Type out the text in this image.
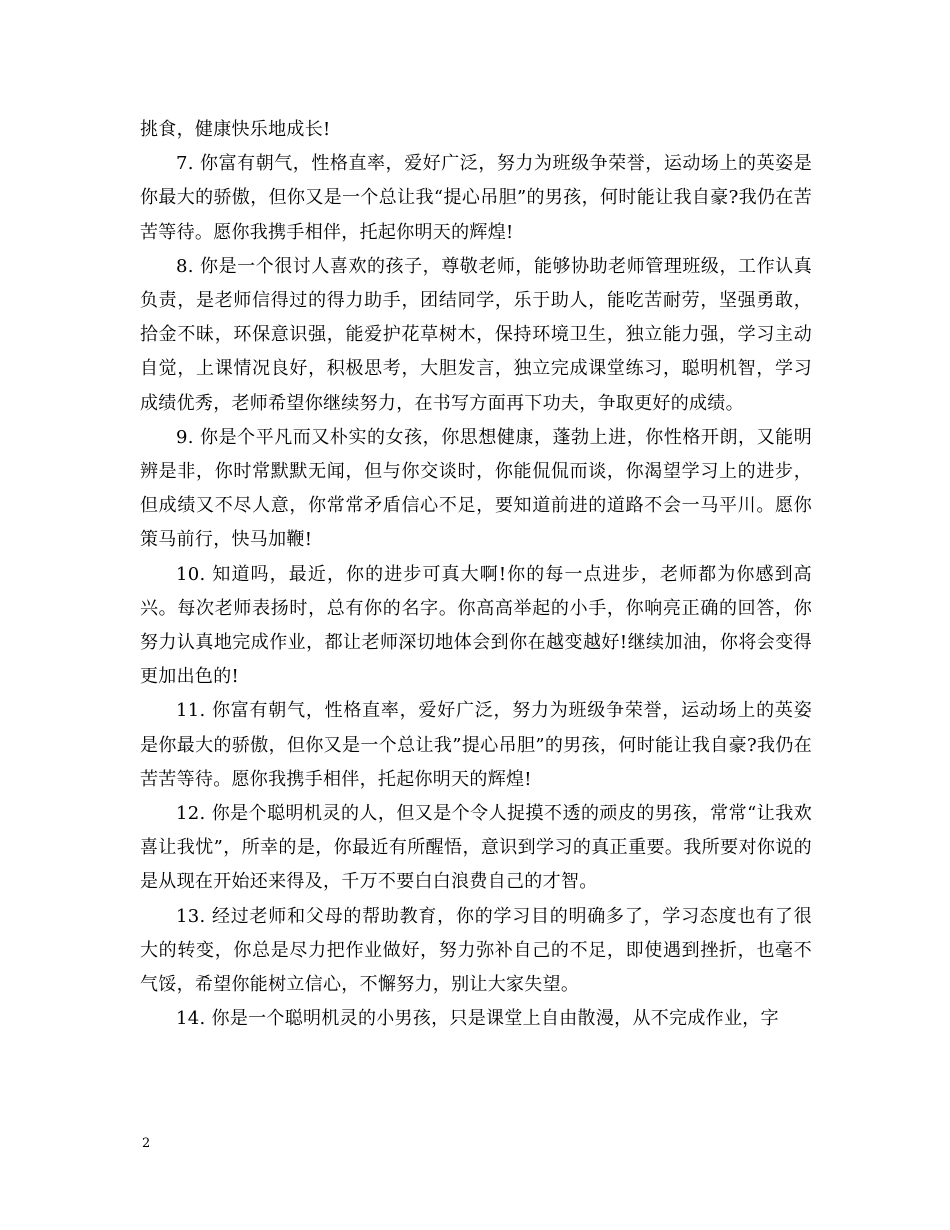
挑食，健康快乐地成长!

7. 你富有朝气，性格直率，爱好广泛，努力为班级争荣誉，运动场上的英姿是你最大的骄傲，但你又是一个总让我“提心吊胆”的男孩，何时能让我自豪?我仍在苦苦等待。愿你我携手相伴，托起你明天的辉煌!

8. 你是一个很讨人喜欢的孩子，尊敬老师，能够协助老师管理班级，工作认真负责，是老师信得过的得力助手，团结同学，乐于助人，能吃苦耐劳，坚强勇敢，拾金不昧，环保意识强，能爱护花草树木，保持环境卫生，独立能力强，学习主动自觉，上课情况良好，积极思考，大胆发言，独立完成课堂练习，聪明机智，学习成绩优秀，老师希望你继续努力，在书写方面再下功夫，争取更好的成绩。

9. 你是个平凡而又朴实的女孩，你思想健康，蓬勃上进，你性格开朗，又能明辨是非，你时常默默无闻，但与你交谈时，你能侃侃而谈，你渴望学习上的进步，但成绩又不尽人意，你常常矛盾信心不足，要知道前进的道路不会一马平川。愿你策马前行，快马加鞭!

10. 知道吗，最近，你的进步可真大啊!你的每一点进步，老师都为你感到高兴。每次老师表扬时，总有你的名字。你高高举起的小手，你响亮正确的回答，你努力认真地完成作业，都让老师深切地体会到你在越变越好!继续加油，你将会变得更加出色的!

11. 你富有朝气，性格直率，爱好广泛，努力为班级争荣誉，运动场上的英姿是你最大的骄傲，但你又是一个总让我”提心吊胆”的男孩，何时能让我自豪?我仍在苦苦等待。愿你我携手相伴，托起你明天的辉煌!

12. 你是个聪明机灵的人，但又是个令人捉摸不透的顽皮的男孩，常常“让我欢喜让我忧”，所幸的是，你最近有所醒悟，意识到学习的真正重要。我所要对你说的是从现在开始还来得及，千万不要白白浪费自己的才智。

13. 经过老师和父母的帮助教育，你的学习目的明确多了，学习态度也有了很大的转变，你总是尽力把作业做好，努力弥补自己的不足，即使遇到挫折，也毫不气馁，希望你能树立信心，不懈努力，别让大家失望。

14. 你是一个聪明机灵的小男孩，只是课堂上自由散漫，从不完成作业，字

2
